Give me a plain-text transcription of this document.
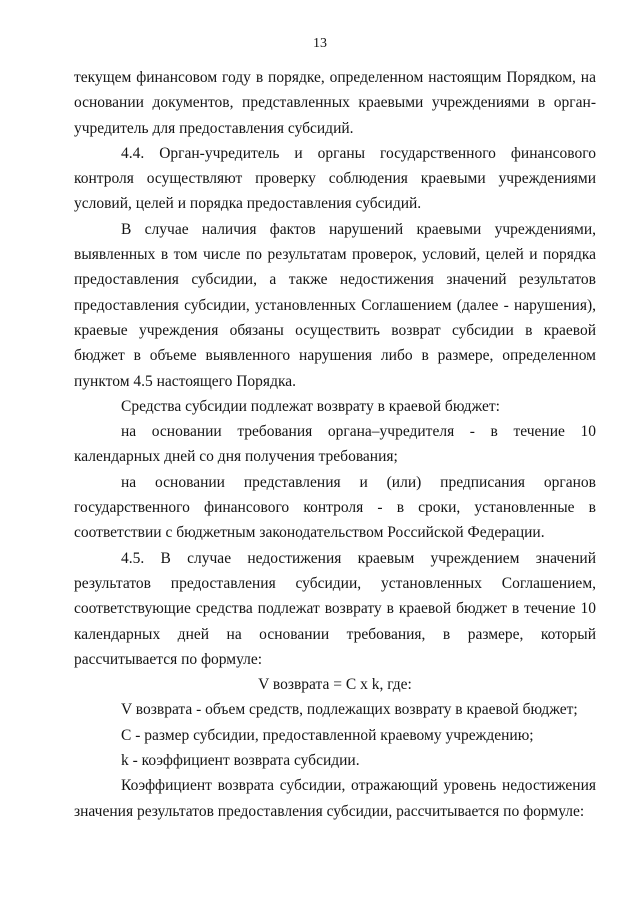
13

текущем финансовом году в порядке, определенном настоящим Порядком, на основании документов, представленных краевыми учреждениями в орган-учредитель для предоставления субсидий.

4.4. Орган-учредитель и органы государственного финансового контроля осуществляют проверку соблюдения краевыми учреждениями условий, целей и порядка предоставления субсидий.

В случае наличия фактов нарушений краевыми учреждениями, выявленных в том числе по результатам проверок, условий, целей и порядка предоставления субсидии, а также недостижения значений результатов предоставления субсидии, установленных Соглашением (далее - нарушения), краевые учреждения обязаны осуществить возврат субсидии в краевой бюджет в объеме выявленного нарушения либо в размере, определенном пунктом 4.5 настоящего Порядка.

Средства субсидии подлежат возврату в краевой бюджет:

на основании требования органа–учредителя - в течение 10 календарных дней со дня получения требования;

на основании представления и (или) предписания органов государственного финансового контроля - в сроки, установленные в соответствии с бюджетным законодательством Российской Федерации.

4.5. В случае недостижения краевым учреждением значений результатов предоставления субсидии, установленных Соглашением, соответствующие средства подлежат возврату в краевой бюджет в течение 10 календарных дней на основании требования, в размере, который рассчитывается по формуле:

V возврата = C x k, где:

V возврата - объем средств, подлежащих возврату в краевой бюджет;

C - размер субсидии, предоставленной краевому учреждению;

k - коэффициент возврата субсидии.

Коэффициент возврата субсидии, отражающий уровень недостижения значения результатов предоставления субсидии, рассчитывается по формуле:
